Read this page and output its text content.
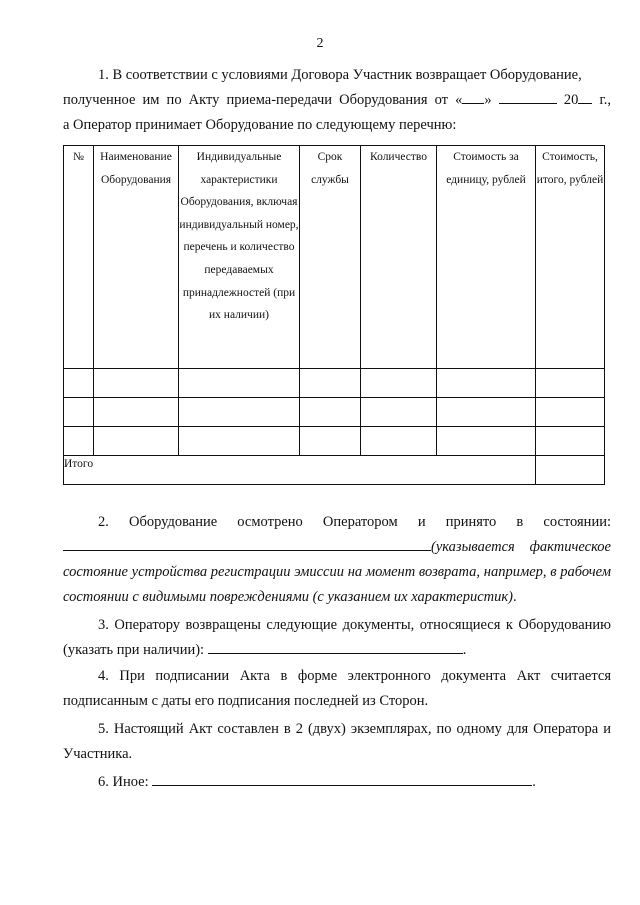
2
1. В соответствии с условиями Договора Участник возвращает Оборудование,
полученное им по Акту приема-передачи Оборудования от « »	20 г.,
а Оператор принимает Оборудование по следующему перечню:
№	Наименование Оборудования	Индивидуальные характеристики Оборудования, включая индивидуальный номер, перечень и количество передаваемых принадлежностей (при их наличии)	Срок службы	Количество	Стоимость за единицу, рублей	Стоимость, итого, рублей

Итого						
2. Оборудование осмотрено Оператором и принято в состоянии:
(указывается фактическое состояние устройства регистрации эмиссии на момент возврата, например, в рабочем состоянии с видимыми повреждениями (с указанием их характеристик).
3. Оператору возвращены следующие документы, относящиеся к Оборудованию (указать при наличии):	.
4. При подписании Акта в форме электронного документа Акт считается подписанным с даты его подписания последней из Сторон.
5. Настоящий Акт составлен в 2 (двух) экземплярах, по одному для Оператора и Участника.
6. Иное:	.
